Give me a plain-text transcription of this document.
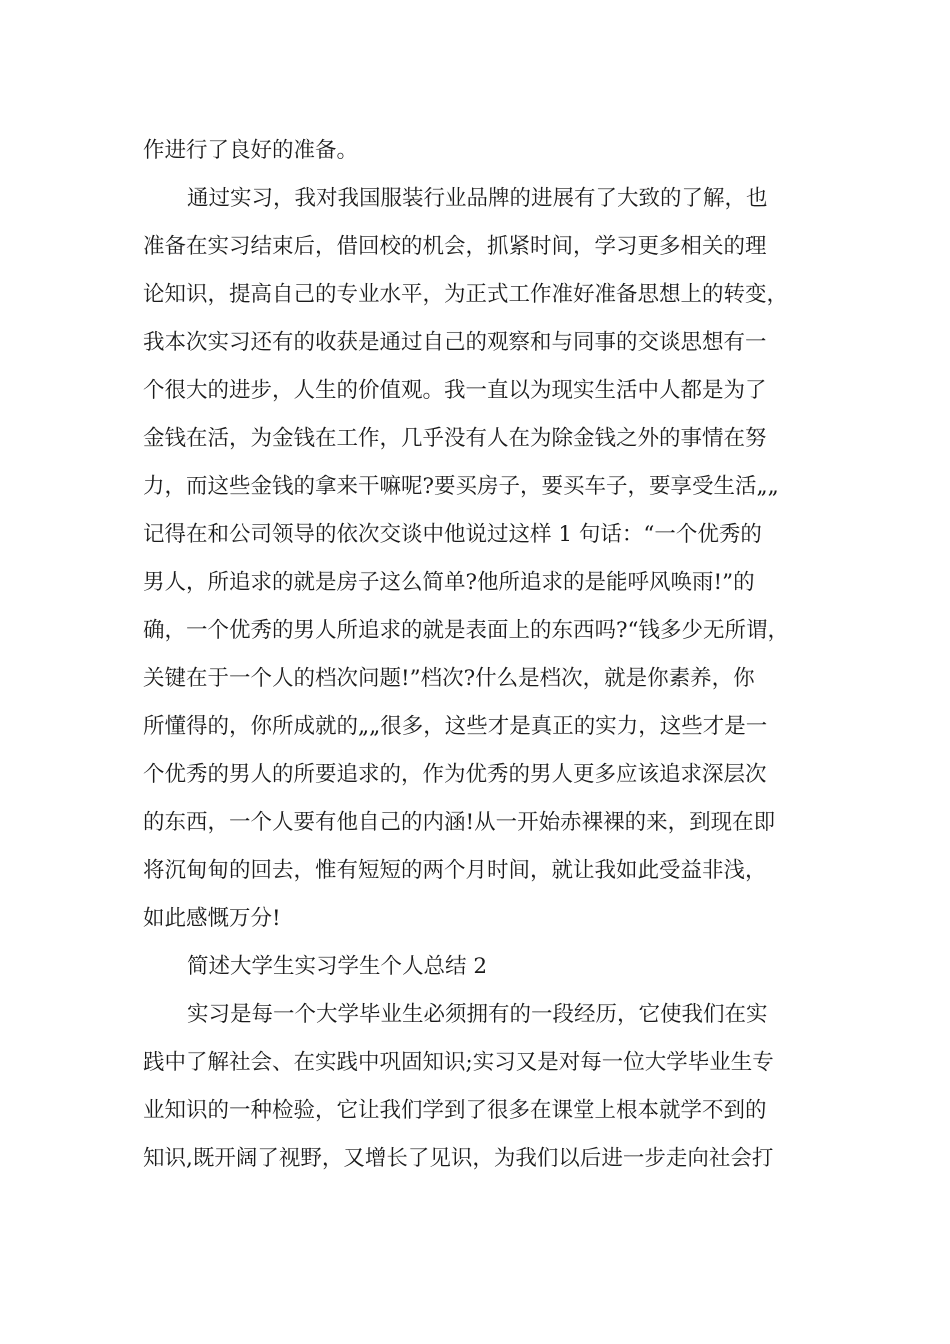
作进行了良好的准备。
通过实习，我对我国服装行业品牌的进展有了大致的了解，也
准备在实习结束后，借回校的机会，抓紧时间，学习更多相关的理
论知识，提高自己的专业水平，为正式工作准好准备思想上的转变，
我本次实习还有的收获是通过自己的观察和与同事的交谈思想有一
个很大的进步，人生的价值观。我一直以为现实生活中人都是为了
金钱在活，为金钱在工作，几乎没有人在为除金钱之外的事情在努
力，而这些金钱的拿来干嘛呢?要买房子，要买车子，要享受生活„„
记得在和公司领导的依次交谈中他说过这样 1 句话：“一个优秀的
男人，所追求的就是房子这么简单?他所追求的是能呼风唤雨!”的
确，一个优秀的男人所追求的就是表面上的东西吗?“钱多少无所谓，
关键在于一个人的档次问题!”档次?什么是档次，就是你素养，你
所懂得的，你所成就的„„很多，这些才是真正的实力，这些才是一
个优秀的男人的所要追求的，作为优秀的男人更多应该追求深层次
的东西，一个人要有他自己的内涵!从一开始赤裸裸的来，到现在即
将沉甸甸的回去，惟有短短的两个月时间，就让我如此受益非浅，
如此感慨万分!
简述大学生实习学生个人总结 2
实习是每一个大学毕业生必须拥有的一段经历，它使我们在实
践中了解社会、在实践中巩固知识;实习又是对每一位大学毕业生专
业知识的一种检验，它让我们学到了很多在课堂上根本就学不到的
知识,既开阔了视野，又增长了见识，为我们以后进一步走向社会打
